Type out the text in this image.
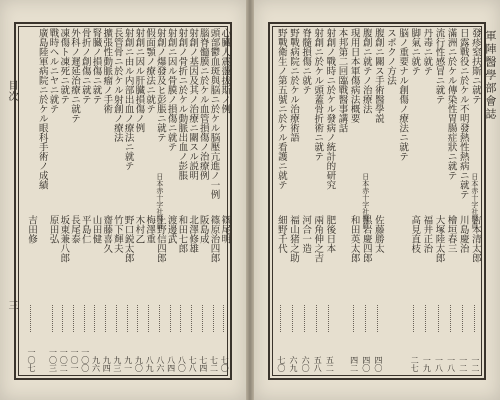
目次
三
心臟人震盪拔斯ノ例
篠尾明
七〇
頭部鬱血斑與脳ニ於ケル脳壓亢進ノ一例
篠原治四郎
七二
腦脊髓膜ニ於ケル血管損傷ノ治療例
阪島成
七四
射創ノ基因及其ノ治療ニ關スル説明
北澤修雄
七八
射創ノ骨折ニ於ケル動脈出血ノ彭脹
和田七郎
八〇
射創ニ因ル骨膜ノ損傷ニ就テ
渡邊武
八四
射創ノ爆發及ヒ彭脹ニ就テ
日本赤十字社醫員
上野信四郎
八六
假面顎ノ療法ニ就テ
梅澤重
八九
射創ニ因ル肝臓損傷ノ例
木村乙
九〇
射創ニ由ル内部出血ノ療法ニ就テ
野口鋭太郎
九一
長管骨ニ於ケル射創ノ療法
竹下輝夫
九三
擴張性動脈瘤ノ手術
齋藤喜久
九四
腎臓ノ損傷ニ就テ
山田健
九六
骨折ノ創傷ニ就テ
平島仁
一〇〇
外科ノ遲延治療ニ就テ
長尾泰
一〇一
凍傷ト凍死ニ就テ
坂東兼八郎
一〇二
戰時ヘルニヤニ就テ
原田弘
一〇三
廣島陸軍病院ニ於ケル眼科手術ノ成績
吉田修
一〇七
軍陣醫學部會誌
發疹窒扶斯ニ就テ
日本赤十字社醫員
吉本清太郎
一二
日露戰役ニ於ケル不明發熱性熱病ニ就テ
川島慶治
一二
滿洲ニ於ケル傳染性胃腸症狀ニ就テ
檜垣春三
一八
流行性感冒ニ就テ
大塚陸太郎
一八
丹毒ニ就テ
福井正治
一九
脚氣ニ就テ
高見直枝
二七
脳ノ重要ナル創傷ノ療法ニ就テ
スポクノ方法
腹創ニ關ス手術醫學説
佐藤勝太
四〇
腹創ニ就テノ治療法
日本赤十字社醫員
黒岩慶四郎
四〇
現用日本軍傷病法概要
和田英太郎
四二
本邦第二回臨戰醫事講話
射創ノ戰時ニ於ケル發病ノ統計的研究
肥後日本
五二
射創ニ於ケル頭蓋骨折術ニ就テ
兩角伸之吉
五八
脊髓損傷ニ就テ
河合一造
六〇
野戰病院ニ於ケル治療術語
福山猪之助
六九
野戰衛生ノ第五號ニ於ケル看護ニ就テ
細野千代
七〇
